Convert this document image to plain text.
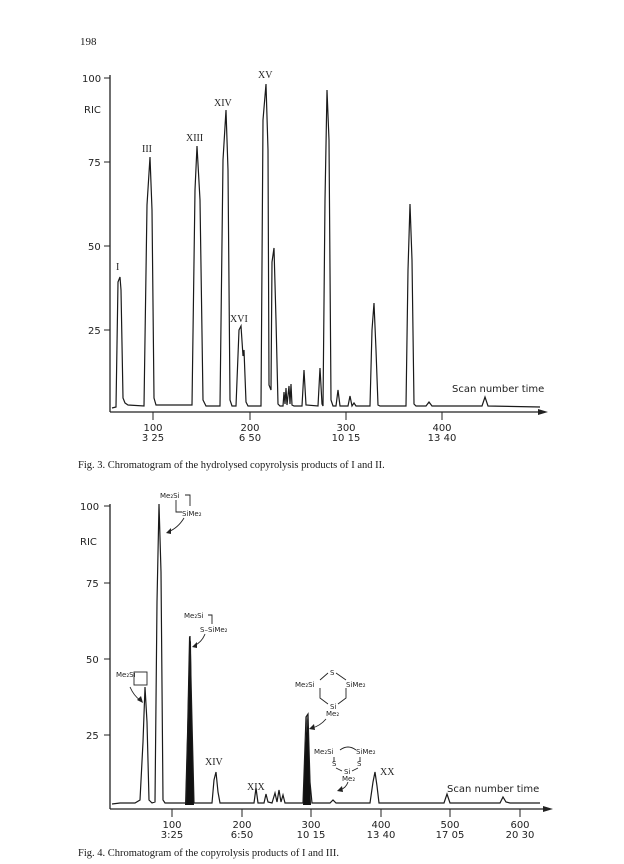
198
100
75
50
25
RIC
100
3 25
200
6 50
300
10 15
400
13 40
Scan number time
I
III
XIII
XIV
XV
XVI
Fig. 3. Chromatogram of the hydrolysed copyrolysis products of I and II.
100
75
50
25
RIC
100
3:25
200
6:50
300
10 15
400
13 40
500
17 05
600
20 30
Scan number time
XIV
XIX
XX
Me₂Si
SiMe₂
Me₂Si
S–SiMe₂
Me₂Si
Me₂Si
S
SiMe₂
Si
Me₂
Me₂Si	SiMe₂
S	S
Si
Me₂
Fig. 4. Chromatogram of the copyrolysis products of I and III.
